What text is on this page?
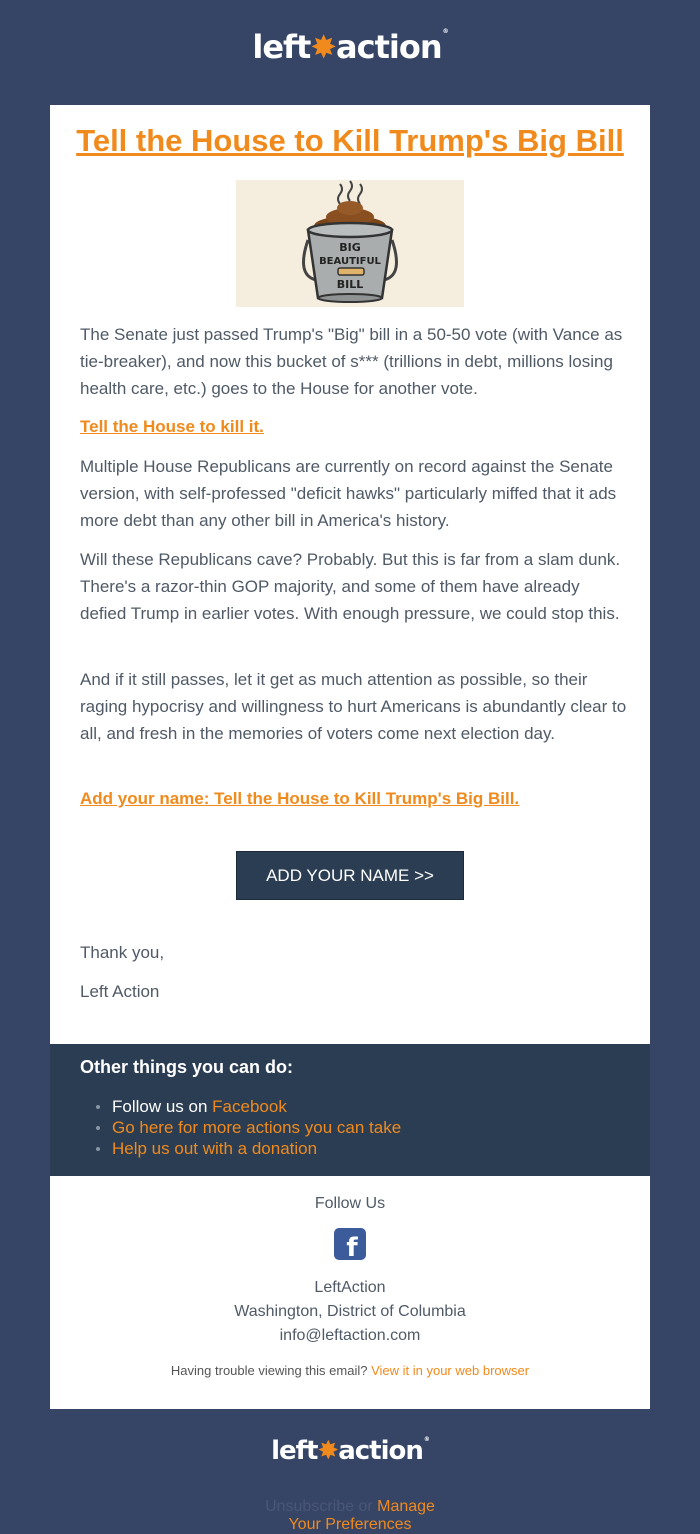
left✸action®
Tell the House to Kill Trump's Big Bill
BIG
BEAUTIFUL
BILL

The Senate just passed Trump's "Big" bill in a 50-50 vote (with Vance as tie-breaker), and now this bucket of s*** (trillions in debt, millions losing health care, etc.) goes to the House for another vote.

Tell the House to kill it.

Multiple House Republicans are currently on record against the Senate version, with self-professed "deficit hawks" particularly miffed that it ads more debt than any other bill in America's history.

Will these Republicans cave? Probably. But this is far from a slam dunk. There's a razor-thin GOP majority, and some of them have already defied Trump in earlier votes. With enough pressure, we could stop this.

And if it still passes, let it get as much attention as possible, so their raging hypocrisy and willingness to hurt Americans is abundantly clear to all, and fresh in the memories of voters come next election day.

Add your name: Tell the House to Kill Trump's Big Bill.
ADD YOUR NAME >>

Thank you,

Left Action

Other things you can do:
Follow us on Facebook
Go here for more actions you can take
Help us out with a donation

Follow Us

f

LeftAction

Washington, District of Columbia

info@leftaction.com

Having trouble viewing this email? View it in your web browser

left✸action®
Unsubscribe or Manage
Your Preferences
